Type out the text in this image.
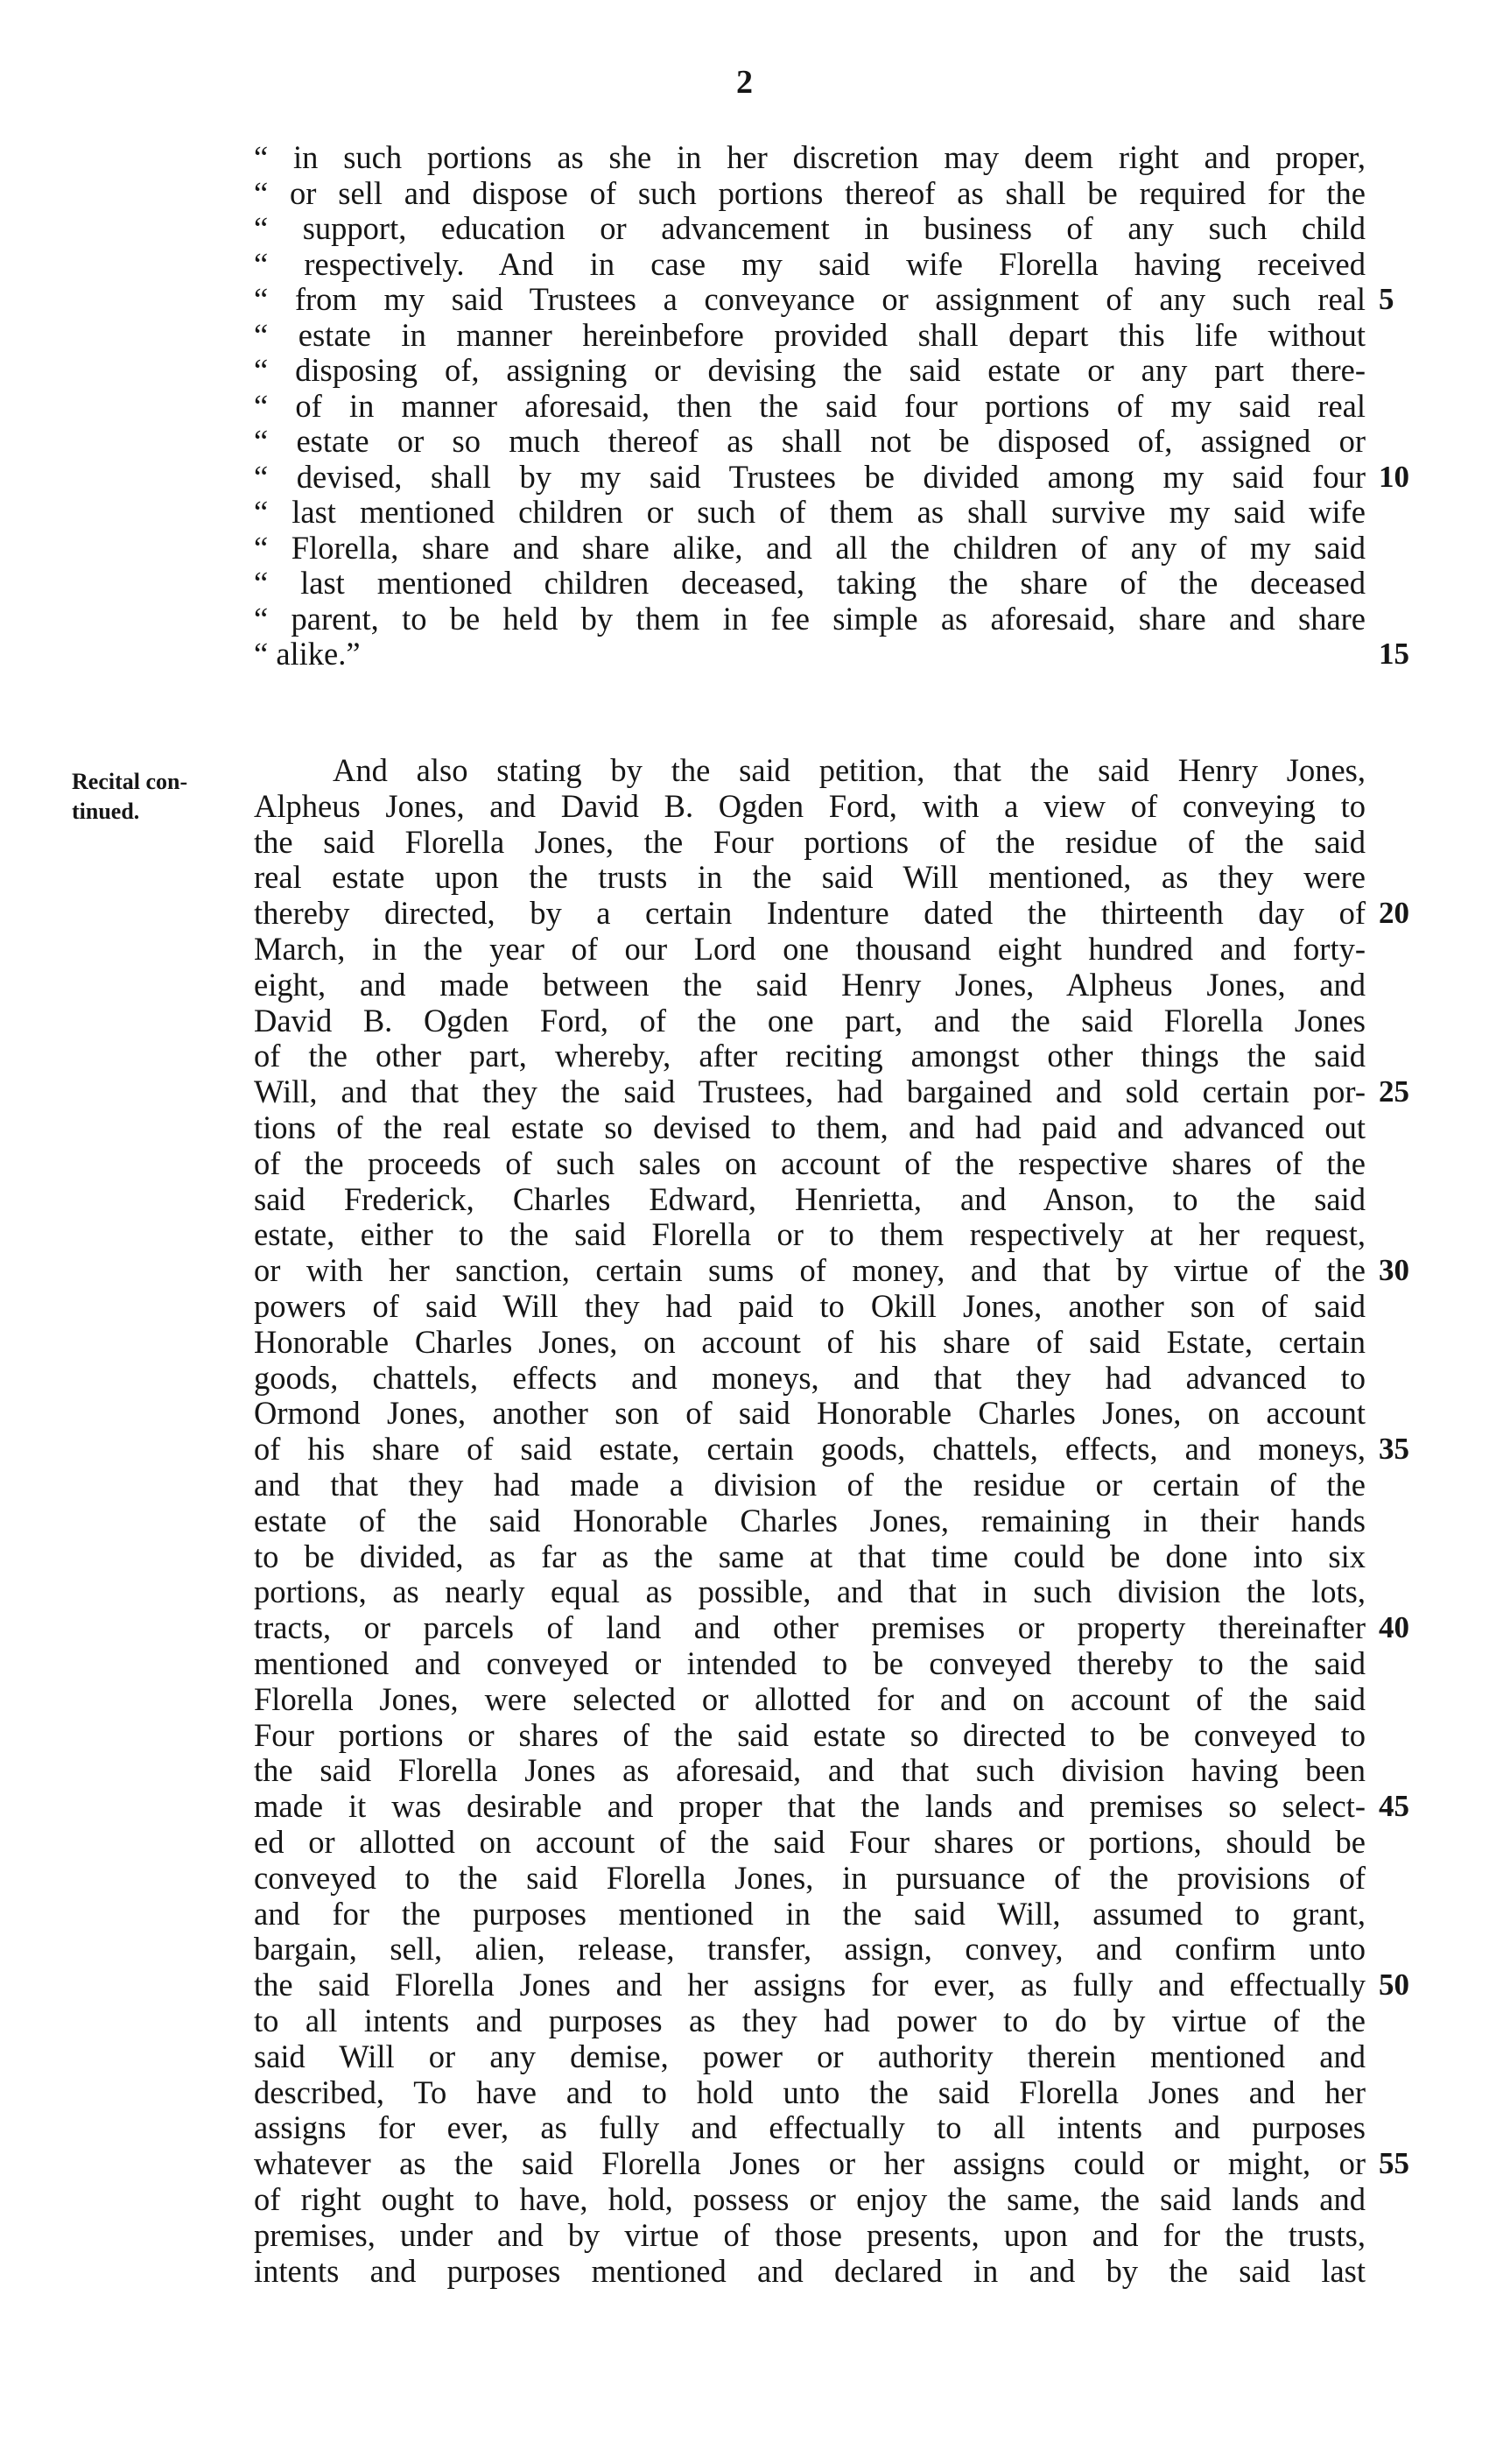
2
Recital con-
tinued.
“ in such portions as she in her discretion may deem right and proper,
“ or sell and dispose of such portions thereof as shall be required for the
“ support, education or advancement in business of any such child
“ respectively. And in case my said wife Florella having received
“ from my said Trustees a conveyance or assignment of any such real
“ estate in manner hereinbefore provided shall depart this life without
“ disposing of, assigning or devising the said estate or any part there-
“ of in manner aforesaid, then the said four portions of my said real
“ estate or so much thereof as shall not be disposed of, assigned or
“ devised, shall by my said Trustees be divided among my said four
“ last mentioned children or such of them as shall survive my said wife
“ Florella, share and share alike, and all the children of any of my said
“ last mentioned children deceased, taking the share of the deceased
“ parent, to be held by them in fee simple as aforesaid, share and share
“ alike.”
And also stating by the said petition, that the said Henry Jones,
Alpheus Jones, and David B. Ogden Ford, with a view of conveying to
the said Florella Jones, the Four portions of the residue of the said
real estate upon the trusts in the said Will mentioned, as they were
thereby directed, by a certain Indenture dated the thirteenth day of
March, in the year of our Lord one thousand eight hundred and forty-
eight, and made between the said Henry Jones, Alpheus Jones, and
David B. Ogden Ford, of the one part, and the said Florella Jones
of the other part, whereby, after reciting amongst other things the said
Will, and that they the said Trustees, had bargained and sold certain por-
tions of the real estate so devised to them, and had paid and advanced out
of the proceeds of such sales on account of the respective shares of the
said Frederick, Charles Edward, Henrietta, and Anson, to the said
estate, either to the said Florella or to them respectively at her request,
or with her sanction, certain sums of money, and that by virtue of the
powers of said Will they had paid to Okill Jones, another son of said
Honorable Charles Jones, on account of his share of said Estate, certain
goods, chattels, effects and moneys, and that they had advanced to
Ormond Jones, another son of said Honorable Charles Jones, on account
of his share of said estate, certain goods, chattels, effects, and moneys,
and that they had made a division of the residue or certain of the
estate of the said Honorable Charles Jones, remaining in their hands
to be divided, as far as the same at that time could be done into six
portions, as nearly equal as possible, and that in such division the lots,
tracts, or parcels of land and other premises or property thereinafter
mentioned and conveyed or intended to be conveyed thereby to the said
Florella Jones, were selected or allotted for and on account of the said
Four portions or shares of the said estate so directed to be conveyed to
the said Florella Jones as aforesaid, and that such division having been
made it was desirable and proper that the lands and premises so select-
ed or allotted on account of the said Four shares or portions, should be
conveyed to the said Florella Jones, in pursuance of the provisions of
and for the purposes mentioned in the said Will, assumed to grant,
bargain, sell, alien, release, transfer, assign, convey, and confirm unto
the said Florella Jones and her assigns for ever, as fully and effectually
to all intents and purposes as they had power to do by virtue of the
said Will or any demise, power or authority therein mentioned and
described, To have and to hold unto the said Florella Jones and her
assigns for ever, as fully and effectually to all intents and purposes
whatever as the said Florella Jones or her assigns could or might, or
of right ought to have, hold, possess or enjoy the same, the said lands and
premises, under and by virtue of those presents, upon and for the trusts,
intents and purposes mentioned and declared in and by the said last
5
10
15
20
25
30
35
40
45
50
55
